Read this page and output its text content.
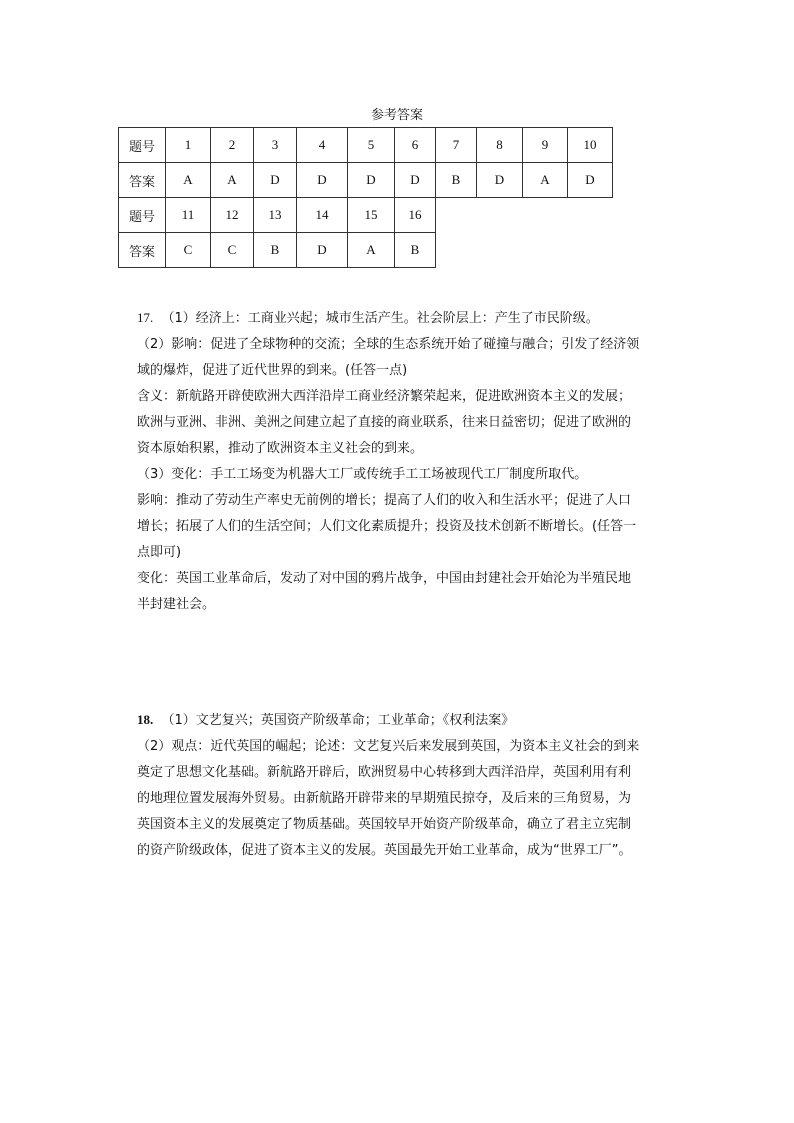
参考答案
题号	1	2	3	4	5	6	7	8	9	10
答案	A	A	D	D	D	D	B	D	A	D
题号	11	12	13	14	15	16				
答案	C	C	B	D	A	B				

17. （1）经济上：工商业兴起；城市生活产生。社会阶层上：产生了市民阶级。

（2）影响：促进了全球物种的交流；全球的生态系统开始了碰撞与融合；引发了经济领

域的爆炸，促进了近代世界的到来。(任答一点)

含义：新航路开辟使欧洲大西洋沿岸工商业经济繁荣起来，促进欧洲资本主义的发展；

欧洲与亚洲、非洲、美洲之间建立起了直接的商业联系，往来日益密切；促进了欧洲的

资本原始积累，推动了欧洲资本主义社会的到来。

（3）变化：手工工场变为机器大工厂或传统手工工场被现代工厂制度所取代。

影响：推动了劳动生产率史无前例的增长；提高了人们的收入和生活水平；促进了人口

增长；拓展了人们的生活空间；人们文化素质提升；投资及技术创新不断增长。(任答一

点即可)

变化：英国工业革命后，发动了对中国的鸦片战争，中国由封建社会开始沦为半殖民地

半封建社会。

18. （1）文艺复兴；英国资产阶级革命；工业革命；《权利法案》

（2）观点：近代英国的崛起；论述：文艺复兴后来发展到英国，为资本主义社会的到来

奠定了思想文化基础。新航路开辟后，欧洲贸易中心转移到大西洋沿岸，英国利用有利

的地理位置发展海外贸易。由新航路开辟带来的早期殖民掠夺，及后来的三角贸易，为

英国资本主义的发展奠定了物质基础。英国较早开始资产阶级革命，确立了君主立宪制

的资产阶级政体，促进了资本主义的发展。英国最先开始工业革命，成为“世界工厂”。
